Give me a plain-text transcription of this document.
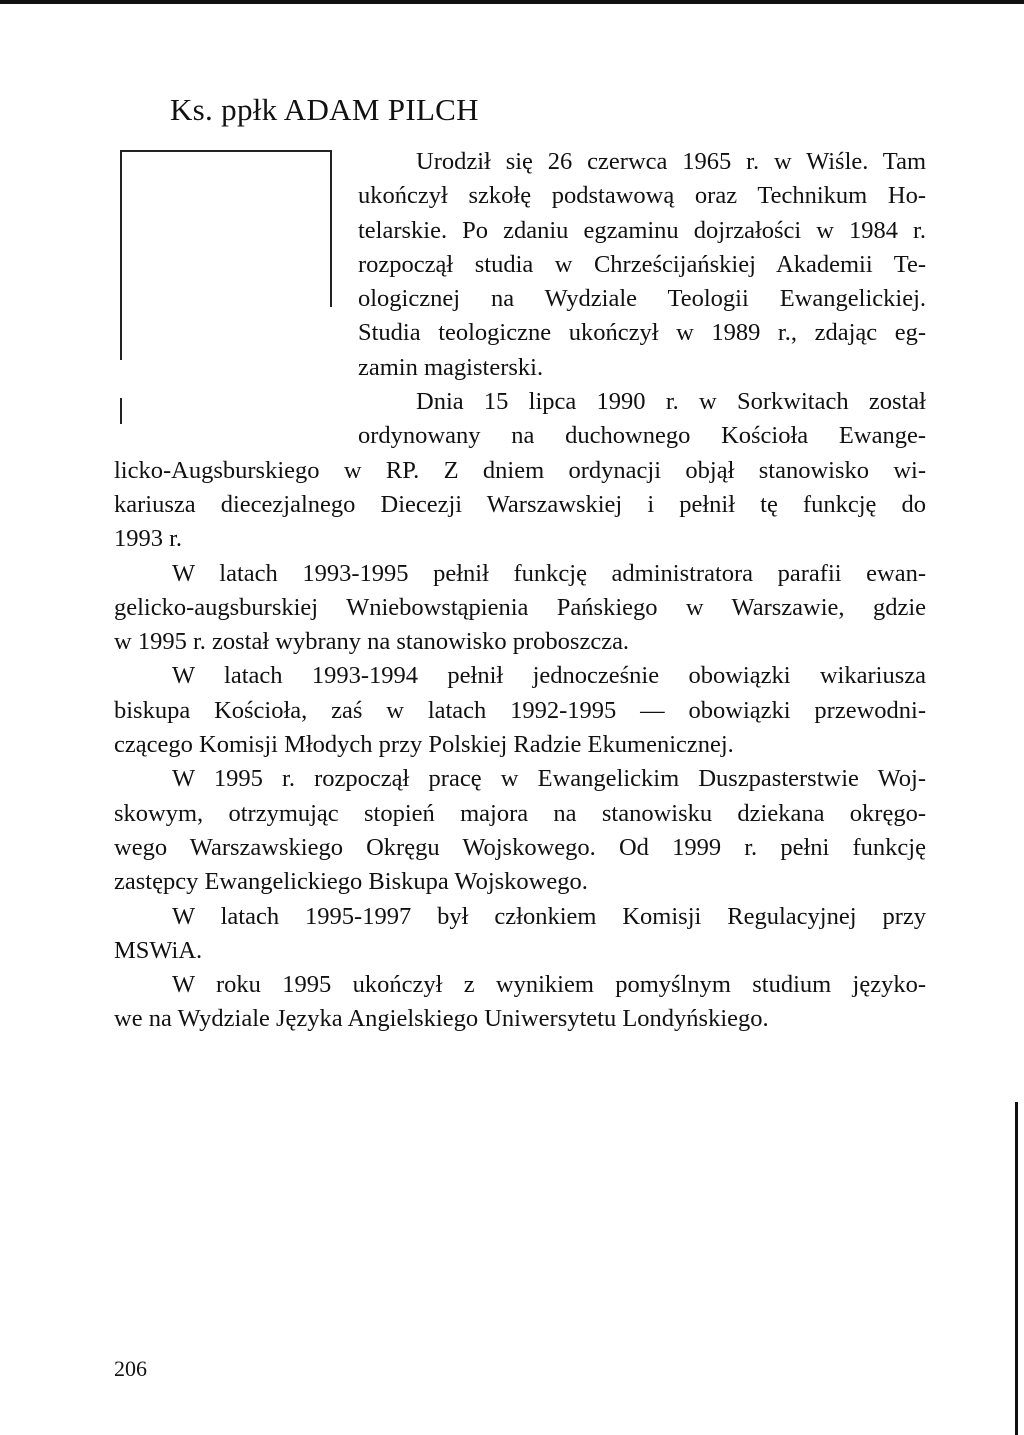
Ks. ppłk ADAM PILCH
Urodził się 26 czerwca 1965 r. w Wiśle. Tam
ukończył szkołę podstawową oraz Technikum Ho-
telarskie. Po zdaniu egzaminu dojrzałości w 1984 r.
rozpoczął studia w Chrześcijańskiej Akademii Te-
ologicznej na Wydziale Teologii Ewangelickiej.
Studia teologiczne ukończył w 1989 r., zdając eg-
zamin magisterski.
Dnia 15 lipca 1990 r. w Sorkwitach został
ordynowany na duchownego Kościoła Ewange-
licko-Augsburskiego w RP. Z dniem ordynacji objął stanowisko wi-
kariusza diecezjalnego Diecezji Warszawskiej i pełnił tę funkcję do
1993 r.
W latach 1993-1995 pełnił funkcję administratora parafii ewan-
gelicko-augsburskiej Wniebowstąpienia Pańskiego w Warszawie, gdzie
w 1995 r. został wybrany na stanowisko proboszcza.
W latach 1993-1994 pełnił jednocześnie obowiązki wikariusza
biskupa Kościoła, zaś w latach 1992-1995 — obowiązki przewodni-
czącego Komisji Młodych przy Polskiej Radzie Ekumenicznej.
W 1995 r. rozpoczął pracę w Ewangelickim Duszpasterstwie Woj-
skowym, otrzymując stopień majora na stanowisku dziekana okręgo-
wego Warszawskiego Okręgu Wojskowego. Od 1999 r. pełni funkcję
zastępcy Ewangelickiego Biskupa Wojskowego.
W latach 1995-1997 był członkiem Komisji Regulacyjnej przy
MSWiA.
W roku 1995 ukończył z wynikiem pomyślnym studium języko-
we na Wydziale Języka Angielskiego Uniwersytetu Londyńskiego.
206
